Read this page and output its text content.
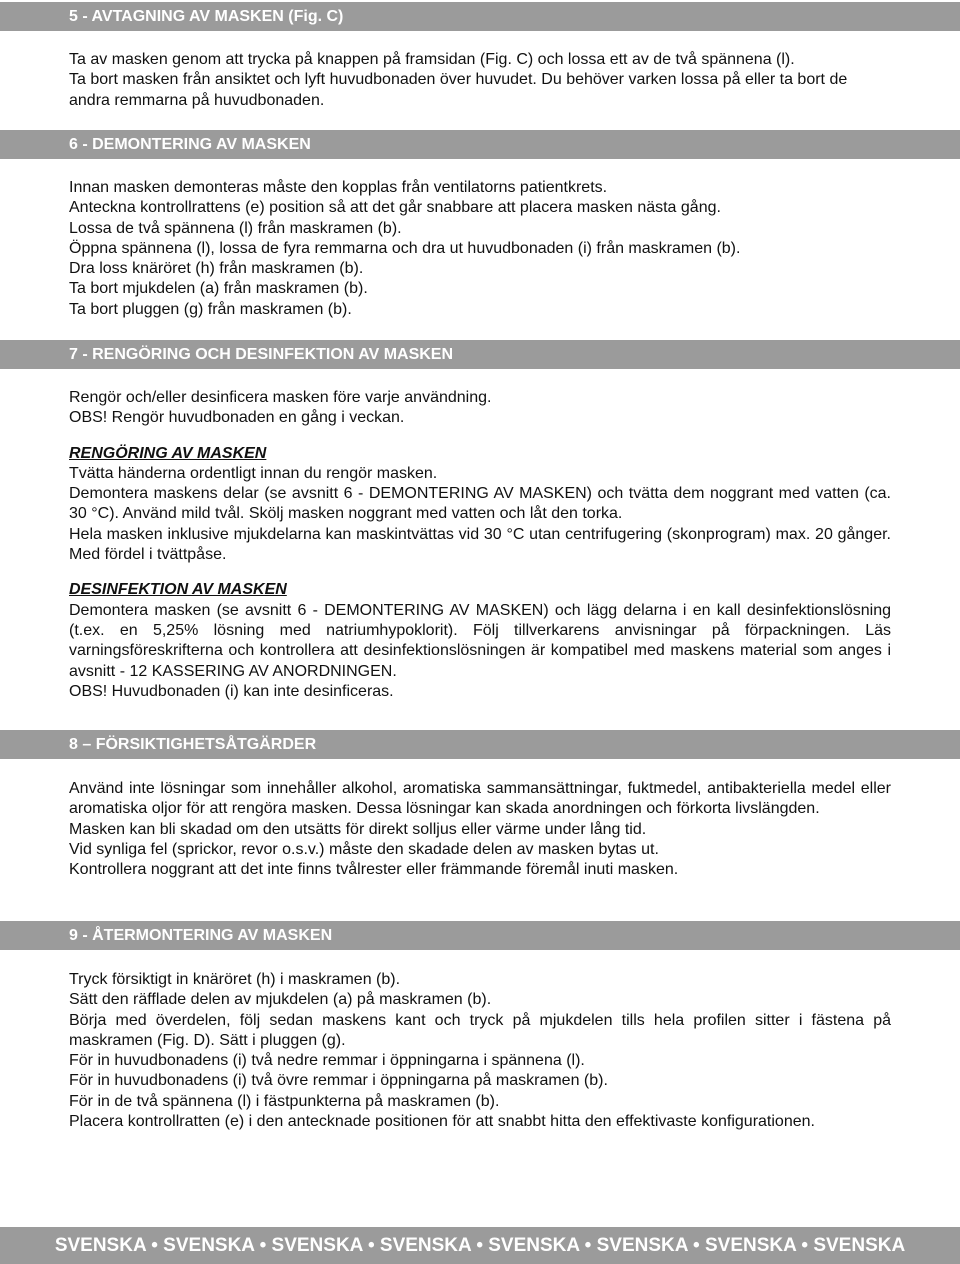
5 - AVTAGNING AV MASKEN (Fig. C)

Ta av masken genom att trycka på knappen på framsidan (Fig. C) och lossa ett av de två spännena (l).

Ta bort masken från ansiktet och lyft huvudbonaden över huvudet. Du behöver varken lossa på eller ta bort de andra remmarna på huvudbonaden.

6 - DEMONTERING AV MASKEN

Innan masken demonteras måste den kopplas från ventilatorns patientkrets.

Anteckna kontrollrattens (e) position så att det går snabbare att placera masken nästa gång.

Lossa de två spännena (l) från maskramen (b).

Öppna spännena (l), lossa de fyra remmarna och dra ut huvudbonaden (i) från maskramen (b).

Dra loss knäröret (h) från maskramen (b).

Ta bort mjukdelen (a) från maskramen (b).

Ta bort pluggen (g) från maskramen (b).

7 - RENGÖRING OCH DESINFEKTION AV MASKEN

Rengör och/eller desinficera masken före varje användning.

OBS! Rengör huvudbonaden en gång i veckan.

RENGÖRING AV MASKEN

Tvätta händerna ordentligt innan du rengör masken.

Demontera maskens delar (se avsnitt 6 - DEMONTERING AV MASKEN) och tvätta dem noggrant med vatten (ca. 30 °C). Använd mild tvål. Skölj masken noggrant med vatten och låt den torka.

Hela masken inklusive mjukdelarna kan maskintvättas vid 30 °C utan centrifugering (skonprogram) max. 20 gånger. Med fördel i tvättpåse.

DESINFEKTION AV MASKEN

Demontera masken (se avsnitt 6 - DEMONTERING AV MASKEN) och lägg delarna i en kall desinfektionslösning (t.ex. en 5,25% lösning med natriumhypoklorit). Följ tillverkarens anvisningar på förpackningen. Läs varningsföreskrifterna och kontrollera att desinfektionslösningen är kompatibel med maskens material som anges i avsnitt - 12 KASSERING AV ANORDNINGEN.

OBS! Huvudbonaden (i) kan inte desinficeras.

8 – FÖRSIKTIGHETSÅTGÄRDER

Använd inte lösningar som innehåller alkohol, aromatiska sammansättningar, fuktmedel, antibakteriella medel eller aromatiska oljor för att rengöra masken. Dessa lösningar kan skada anordningen och förkorta livslängden.

Masken kan bli skadad om den utsätts för direkt solljus eller värme under lång tid.

Vid synliga fel (sprickor, revor o.s.v.) måste den skadade delen av masken bytas ut.

Kontrollera noggrant att det inte finns tvålrester eller främmande föremål inuti masken.

9 - ÅTERMONTERING AV MASKEN

Tryck försiktigt in knäröret (h) i maskramen (b).

Sätt den räfflade delen av mjukdelen (a) på maskramen (b).

Börja med överdelen, följ sedan maskens kant och tryck på mjukdelen tills hela profilen sitter i fästena på maskramen (Fig. D). Sätt i pluggen (g).

För in huvudbonadens (i) två nedre remmar i öppningarna i spännena (l).

För in huvudbonadens (i) två övre remmar i öppningarna på maskramen (b).

För in de två spännena (l) i fästpunkterna på maskramen (b).

Placera kontrollratten (e) i den antecknade positionen för att snabbt hitta den effektivaste konfigurationen.

SVENSKA • SVENSKA • SVENSKA • SVENSKA • SVENSKA • SVENSKA • SVENSKA • SVENSKA
